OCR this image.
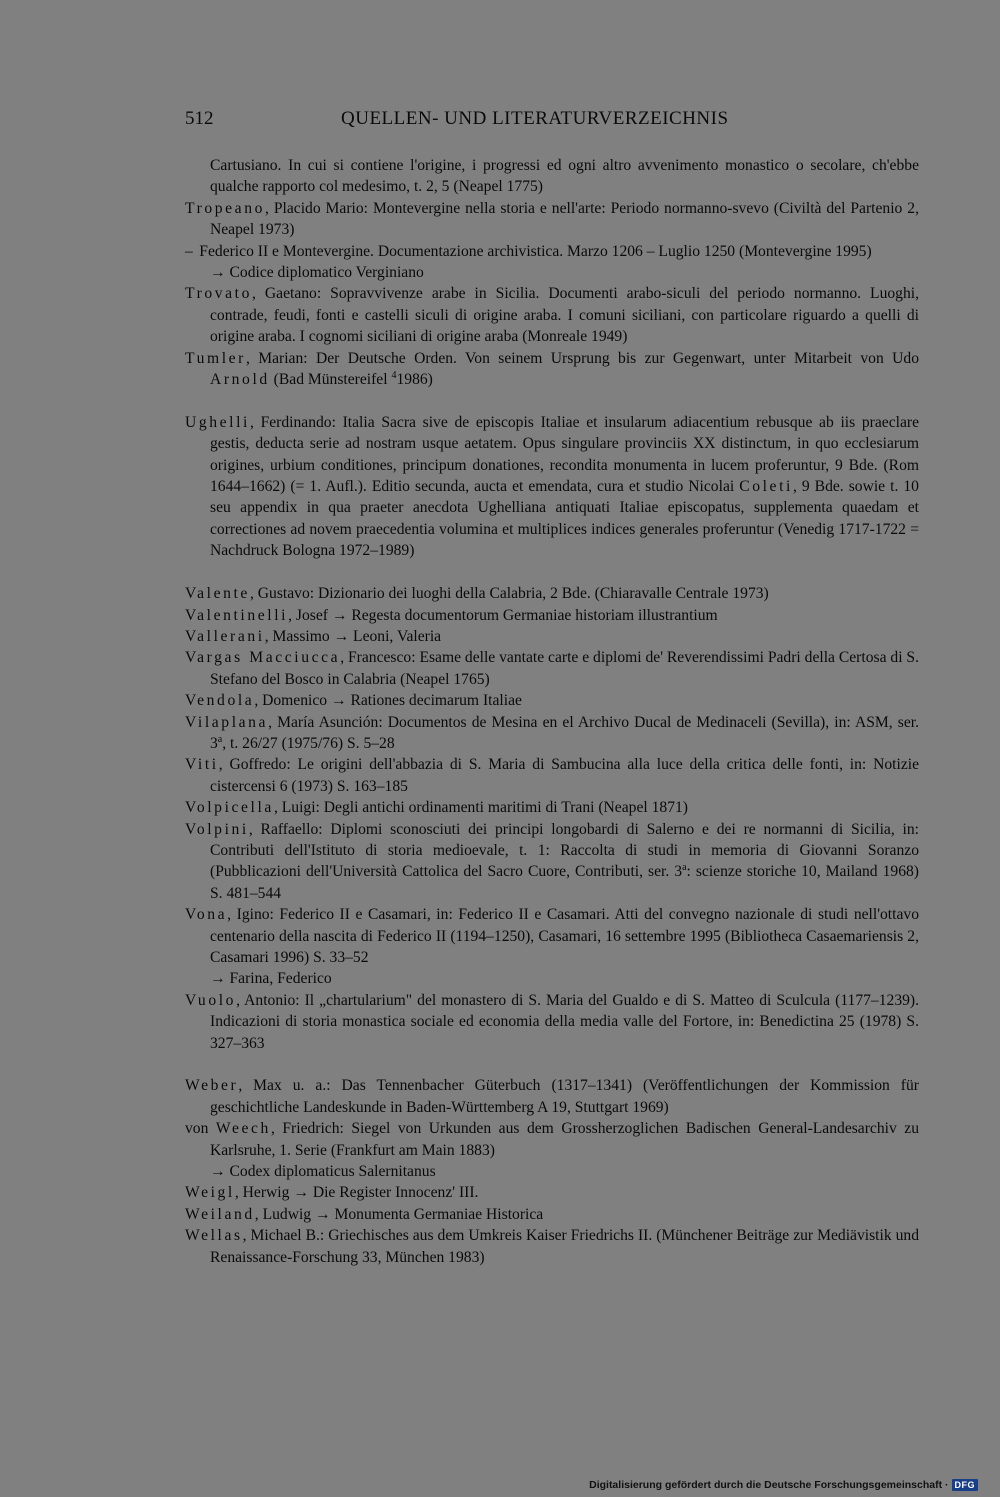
512	QUELLEN- UND LITERATURVERZEICHNIS

Cartusiano. In cui si contiene l'origine, i progressi ed ogni altro avvenimento monastico o secolare, ch'ebbe qualche rapporto col medesimo, t. 2, 5 (Neapel 1775)

Tropeano, Placido Mario: Montevergine nella storia e nell'arte: Periodo normanno-svevo (Civiltà del Partenio 2, Neapel 1973)

– Federico II e Montevergine. Documentazione archivistica. Marzo 1206 – Luglio 1250 (Montevergine 1995)

→ Codice diplomatico Verginiano

Trovato, Gaetano: Sopravvivenze arabe in Sicilia. Documenti arabo-siculi del periodo normanno. Luoghi, contrade, feudi, fonti e castelli siculi di origine araba. I comuni siciliani, con particolare riguardo a quelli di origine araba. I cognomi siciliani di origine araba (Monreale 1949)

Tumler, Marian: Der Deutsche Orden. Von seinem Ursprung bis zur Gegenwart, unter Mitarbeit von Udo Arnold (Bad Münstereifel $^4$1986)

Ughelli, Ferdinando: Italia Sacra sive de episcopis Italiae et insularum adiacentium rebusque ab iis praeclare gestis, deducta serie ad nostram usque aetatem. Opus singulare provinciis XX distinctum, in quo ecclesiarum origines, urbium conditiones, principum donationes, recondita monumenta in lucem proferuntur, 9 Bde. (Rom 1644–1662) (= 1. Aufl.). Editio secunda, aucta et emendata, cura et studio Nicolai Coleti, 9 Bde. sowie t. 10 seu appendix in qua praeter anecdota Ughelliana antiquati Italiae episcopatus, supplementa quaedam et correctiones ad novem praecedentia volumina et multiplices indices generales proferuntur (Venedig 1717-1722 = Nachdruck Bologna 1972–1989)

Valente, Gustavo: Dizionario dei luoghi della Calabria, 2 Bde. (Chiaravalle Centrale 1973)

Valentinelli, Josef → Regesta documentorum Germaniae historiam illustrantium

Vallerani, Massimo → Leoni, Valeria

Vargas Macciucca, Francesco: Esame delle vantate carte e diplomi de' Reverendissimi Padri della Certosa di S. Stefano del Bosco in Calabria (Neapel 1765)

Vendola, Domenico → Rationes decimarum Italiae

Vilaplana, María Asunción: Documentos de Mesina en el Archivo Ducal de Medinaceli (Sevilla), in: ASM, ser. 3$^a$, t. 26/27 (1975/76) S. 5–28

Viti, Goffredo: Le origini dell'abbazia di S. Maria di Sambucina alla luce della critica delle fonti, in: Notizie cistercensi 6 (1973) S. 163–185

Volpicella, Luigi: Degli antichi ordinamenti maritimi di Trani (Neapel 1871)

Volpini, Raffaello: Diplomi sconosciuti dei principi longobardi di Salerno e dei re normanni di Sicilia, in: Contributi dell'Istituto di storia medioevale, t. 1: Raccolta di studi in memoria di Giovanni Soranzo (Pubblicazioni dell'Università Cattolica del Sacro Cuore, Contributi, ser. 3$^a$: scienze storiche 10, Mailand 1968) S. 481–544

Vona, Igino: Federico II e Casamari, in: Federico II e Casamari. Atti del convegno nazionale di studi nell'ottavo centenario della nascita di Federico II (1194–1250), Casamari, 16 settembre 1995 (Bibliotheca Casaemariensis 2, Casamari 1996) S. 33–52

→ Farina, Federico

Vuolo, Antonio: Il „chartularium" del monastero di S. Maria del Gualdo e di S. Matteo di Sculcula (1177–1239). Indicazioni di storia monastica sociale ed economia della media valle del Fortore, in: Benedictina 25 (1978) S. 327–363

Weber, Max u. a.: Das Tennenbacher Güterbuch (1317–1341) (Veröffentlichungen der Kommission für geschichtliche Landeskunde in Baden-Württemberg A 19, Stuttgart 1969)

von Weech, Friedrich: Siegel von Urkunden aus dem Grossherzoglichen Badischen General-Landesarchiv zu Karlsruhe, 1. Serie (Frankfurt am Main 1883)

→ Codex diplomaticus Salernitanus

Weigl, Herwig → Die Register Innocenz' III.

Weiland, Ludwig → Monumenta Germaniae Historica

Wellas, Michael B.: Griechisches aus dem Umkreis Kaiser Friedrichs II. (Münchener Beiträge zur Mediävistik und Renaissance-Forschung 33, München 1983)

Digitalisierung gefördert durch die Deutsche Forschungsgemeinschaft · DFG
